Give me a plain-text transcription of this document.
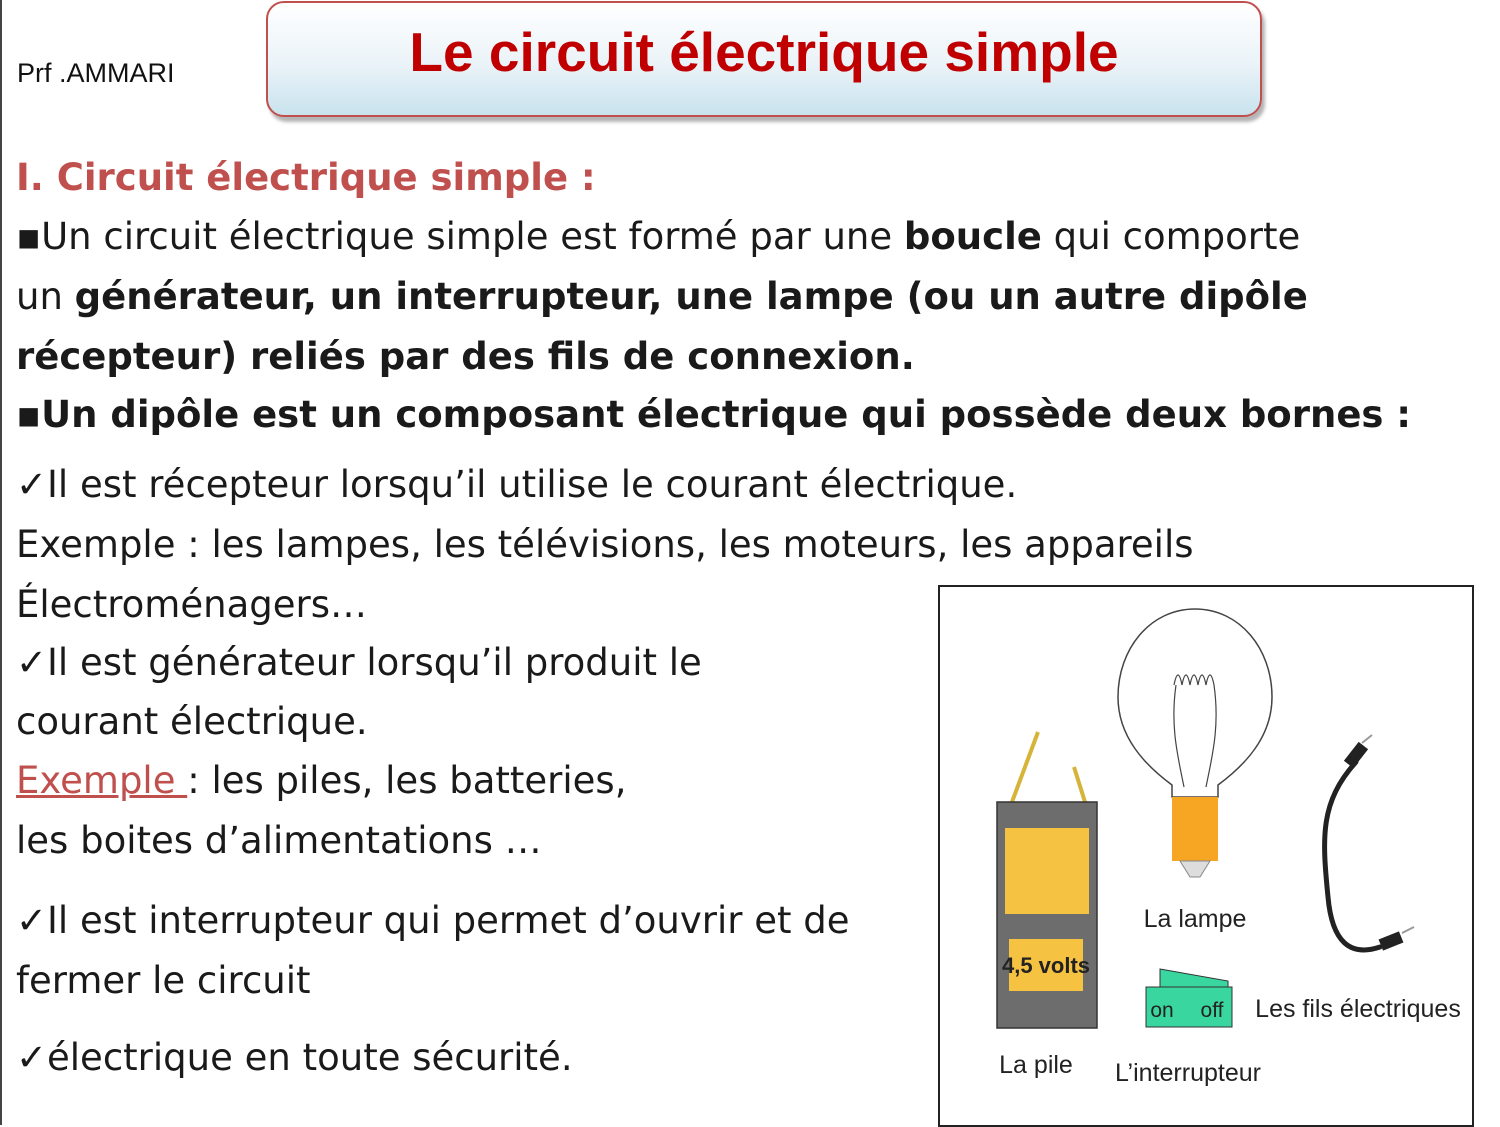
Prf .AMMARI	Le circuit électrique simple
I. Circuit électrique simple :
▪Un circuit électrique simple est formé par une boucle qui comporte
un générateur, un interrupteur, une lampe (ou un autre dipôle
récepteur) reliés par des fils de connexion.
▪Un dipôle est un composant électrique qui possède deux bornes :
✓Il est récepteur lorsqu’il utilise le courant électrique.
Exemple : les lampes, les télévisions, les moteurs, les appareils
Électroménagers…
✓Il est générateur lorsqu’il produit le
courant électrique.
Exemple : les piles, les batteries,
les boites d’alimentations …
✓Il est interrupteur qui permet d’ouvrir et de
fermer le circuit
✓électrique en toute sécurité.
4,5 volts
La pile
La lampe
on off
L’interrupteur
Les fils électriques
